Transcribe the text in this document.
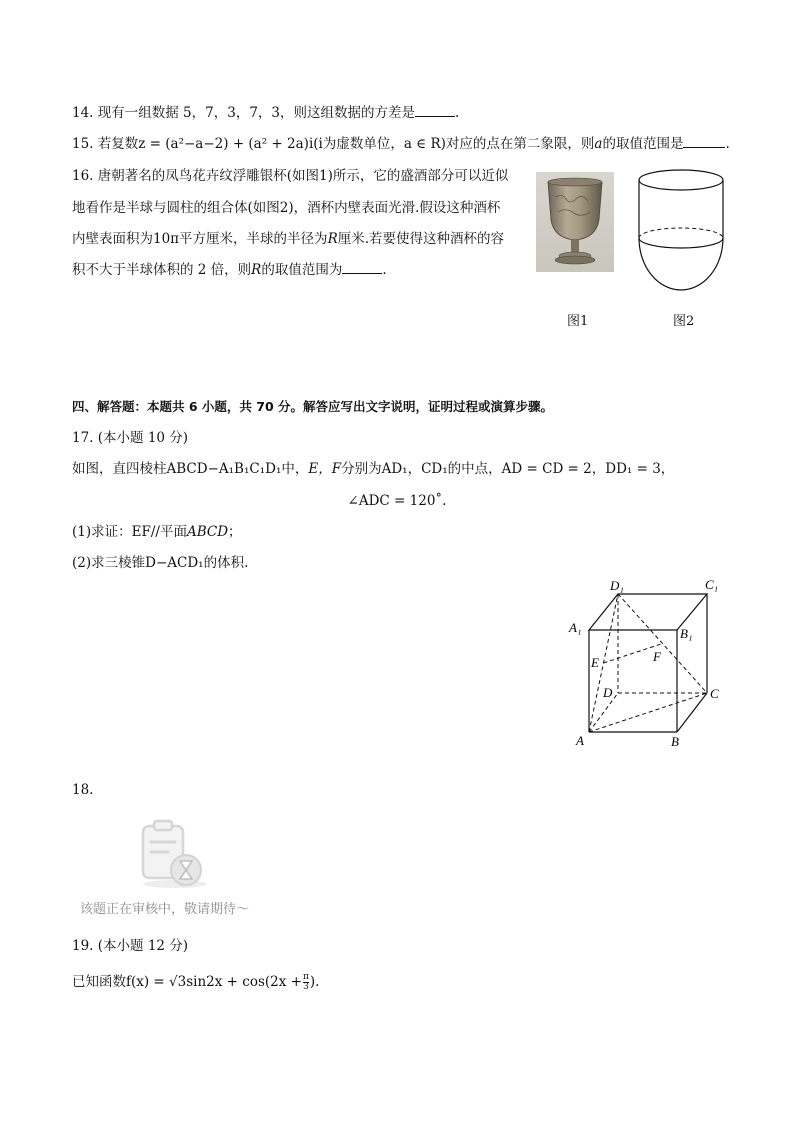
14. 现有一组数据 5，7，3，7，3，则这组数据的方差是	.
15. 若复数z = (a²−a−2) + (a² + 2a)i(i为虚数单位，a ∈ R)对应的点在第二象限，则a的取值范围是	.
16. 唐朝著名的凤鸟花卉纹浮雕银杯(如图1)所示，它的盛酒部分可以近似
地看作是半球与圆柱的组合体(如图2)，酒杯内壁表面光滑.假设这种酒杯
内壁表面积为10π平方厘米，半球的半径为R厘米.若要使得这种酒杯的容
积不大于半球体积的 2 倍，则R的取值范围为	.
图1	图2
四、解答题：本题共 6 小题，共 70 分。解答应写出文字说明，证明过程或演算步骤。
17. (本小题 10 分)
如图，直四棱柱ABCD−A₁B₁C₁D₁中，E，F分别为AD₁，CD₁的中点，AD = CD = 2，DD₁ = 3，
∠ADC = 120˚.
(1)求证：EF//平面ABCD；
(2)求三棱锥D−ACD₁的体积.
D₁	C₁
A₁	B₁
E	F
D	C
A	B
18.
该题正在审核中，敬请期待～
19. (本小题 12 分)
已知函数$f(x) = √3\sin 2x + \cos(2x + \frac{\pi}{3}$ ).
